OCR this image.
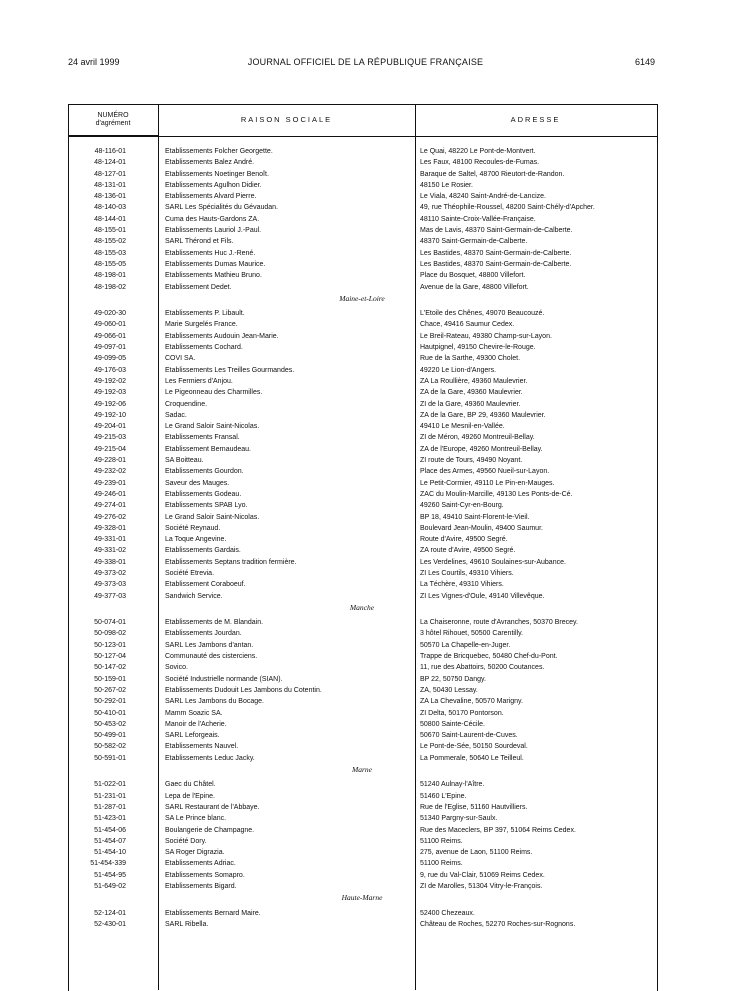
24 avril 1999	JOURNAL OFFICIEL DE LA RÉPUBLIQUE FRANÇAISE	6149
NUMÉRO
d'agrément	RAISON SOCIALE	ADRESSE
48-116-01	Etablissements Folcher Georgette.	Le Quai, 48220 Le Pont-de-Montvert.
48-124-01	Etablissements Balez André.	Les Faux, 48100 Recoules-de-Fumas.
48-127-01	Etablissements Noetinger Benoît.	Baraque de Saltel, 48700 Rieutort-de-Randon.
48-131-01	Etablissements Agulhon Didier.	48150 Le Rosier.
48-136-01	Etablissements Alvard Pierre.	Le Viala, 48240 Saint-André-de-Lancize.
48-140-03	SARL Les Spécialités du Gévaudan.	49, rue Théophile-Roussel, 48200 Saint-Chély-d'Apcher.
48-144-01	Cuma des Hauts-Gardons ZA.	48110 Sainte-Croix-Vallée-Française.
48-155-01	Etablissements Lauriol J.-Paul.	Mas de Lavis, 48370 Saint-Germain-de-Calberte.
48-155-02	SARL Thérond et Fils.	48370 Saint-Germain-de-Calberte.
48-155-03	Etablissements Huc J.-René.	Les Bastides, 48370 Saint-Germain-de-Calberte.
48-155-05	Etablissements Dumas Maurice.	Les Bastides, 48370 Saint-Germain-de-Calberte.
48-198-01	Etablissements Mathieu Bruno.	Place du Bosquet, 48800 Villefort.
48-198-02	Etablissement Dedet.	Avenue de la Gare, 48800 Villefort.
Maine-et-Loire
49-020-30	Etablissements P. Libault.	L'Etoile des Chênes, 49070 Beaucouzé.
49-060-01	Marie Surgelés France.	Chace, 49416 Saumur Cedex.
49-066-01	Etablissements Audouin Jean-Marie.	Le Breil-Rateau, 49380 Champ-sur-Layon.
49-097-01	Etablissements Cochard.	Hautpignel, 49150 Chevire-le-Rouge.
49-099-05	COVI SA.	Rue de la Sarthe, 49300 Cholet.
49-176-03	Etablissements Les Treilles Gourmandes.	49220 Le Lion-d'Angers.
49-192-02	Les Fermiers d'Anjou.	ZA La Roullière, 49360 Maulevrier.
49-192-03	Le Pigeonneau des Charmilles.	ZA de la Gare, 49360 Maulevrier.
49-192-06	Croquendine.	ZI de la Gare, 49360 Maulevrier.
49-192-10	Sadac.	ZA de la Gare, BP 29, 49360 Maulevrier.
49-204-01	Le Grand Saloir Saint-Nicolas.	49410 Le Mesnil-en-Vallée.
49-215-03	Etablissements Fransal.	ZI de Méron, 49260 Montreuil-Bellay.
49-215-04	Etablissement Bernaudeau.	ZA de l'Europe, 49260 Montreuil-Bellay.
49-228-01	SA Boitteau.	ZI route de Tours, 49490 Noyant.
49-232-02	Etablissements Gourdon.	Place des Armes, 49560 Nueil-sur-Layon.
49-239-01	Saveur des Mauges.	Le Petit-Cormier, 49110 Le Pin-en-Mauges.
49-246-01	Etablissements Godeau.	ZAC du Moulin-Marcille, 49130 Les Ponts-de-Cé.
49-274-01	Etablissements SPAB Lyo.	49260 Saint-Cyr-en-Bourg.
49-276-02	Le Grand Saloir Saint-Nicolas.	BP 18, 49410 Saint-Florent-le-Vieil.
49-328-01	Société Reynaud.	Boulevard Jean-Moulin, 49400 Saumur.
49-331-01	La Toque Angevine.	Route d'Avire, 49500 Segré.
49-331-02	Etablissements Gardais.	ZA route d'Avire, 49500 Segré.
49-338-01	Etablissements Septans tradition fermière.	Les Verdelines, 49610 Soulaines-sur-Aubance.
49-373-02	Société Etrevia.	ZI Les Courtils, 49310 Vihiers.
49-373-03	Etablissement Coraboeuf.	La Téchère, 49310 Vihiers.
49-377-03	Sandwich Service.	ZI Les Vignes-d'Oule, 49140 Villevêque.
Manche
50-074-01	Etablissements de M. Blandain.	La Chaiseronne, route d'Avranches, 50370 Brecey.
50-098-02	Etablissements Jourdan.	3 hôtel Rihouet, 50500 Carentilly.
50-123-01	SARL Les Jambons d'antan.	50570 La Chapelle-en-Juger.
50-127-04	Communauté des cisterciens.	Trappe de Bricquebec, 50480 Chef-du-Pont.
50-147-02	Sovico.	11, rue des Abattoirs, 50200 Coutances.
50-159-01	Société Industrielle normande (SIAN).	BP 22, 50750 Dangy.
50-267-02	Etablissements Dudouit Les Jambons du Cotentin.	ZA, 50430 Lessay.
50-292-01	SARL Les Jambons du Bocage.	ZA La Chevaline, 50570 Marigny.
50-410-01	Mamm Soazic SA.	ZI Delta, 50170 Pontorson.
50-453-02	Manoir de l'Acherie.	50800 Sainte-Cécile.
50-499-01	SARL Leforgeais.	50670 Saint-Laurent-de-Cuves.
50-582-02	Etablissements Nauvel.	Le Pont-de-Sée, 50150 Sourdeval.
50-591-01	Etablissements Leduc Jacky.	La Pommerale, 50640 Le Teilleul.
Marne
51-022-01	Gaec du Châtel.	51240 Aulnay-l'Aître.
51-231-01	Lepa de l'Epine.	51460 L'Epine.
51-287-01	SARL Restaurant de l'Abbaye.	Rue de l'Eglise, 51160 Hautvilliers.
51-423-01	SA Le Prince blanc.	51340 Pargny-sur-Saulx.
51-454-06	Boulangerie de Champagne.	Rue des Maceclers, BP 397, 51064 Reims Cedex.
51-454-07	Société Dory.	51100 Reims.
51-454-10	SA Roger Digrazia.	275, avenue de Laon, 51100 Reims.
51-454-339	Etablissements Adriac.	51100 Reims.
51-454-95	Etablissements Somapro.	9, rue du Val-Clair, 51069 Reims Cedex.
51-649-02	Etablissements Bigard.	ZI de Marolles, 51304 Vitry-le-François.
Haute-Marne
52-124-01	Etablissements Bernard Maire.	52400 Chezeaux.
52-430-01	SARL Ribella.	Château de Roches, 52270 Roches-sur-Rognons.
